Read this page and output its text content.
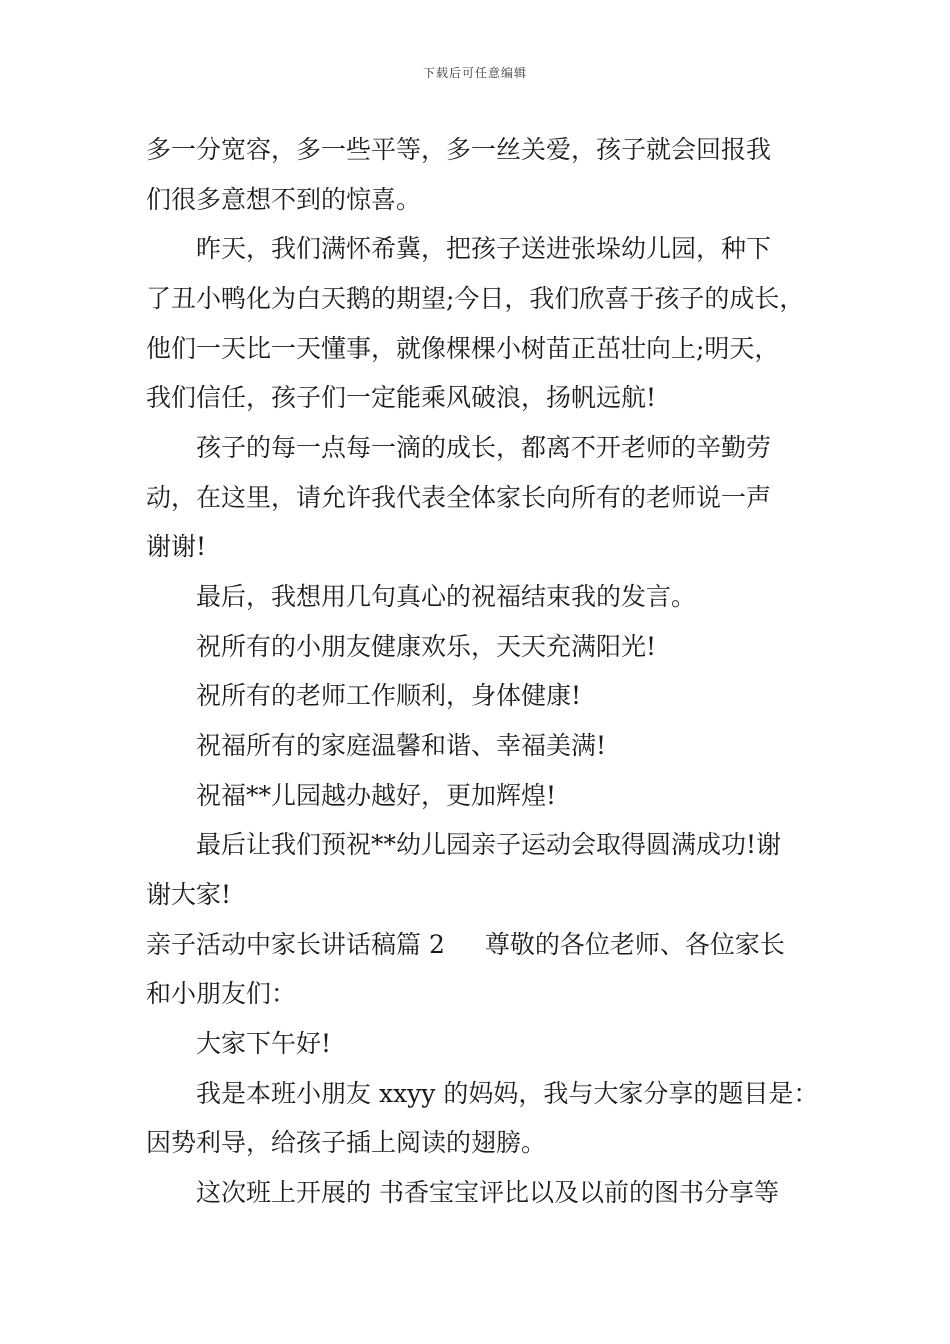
下载后可任意编辑
多一分宽容，多一些平等，多一丝关爱，孩子就会回报我
们很多意想不到的惊喜。
昨天，我们满怀希冀，把孩子送进张垛幼儿园，种下
了丑小鸭化为白天鹅的期望;今日，我们欣喜于孩子的成长，
他们一天比一天懂事，就像棵棵小树苗正茁壮向上;明天，
我们信任，孩子们一定能乘风破浪，扬帆远航!
孩子的每一点每一滴的成长，都离不开老师的辛勤劳
动，在这里，请允许我代表全体家长向所有的老师说一声
谢谢!
最后，我想用几句真心的祝福结束我的发言。
祝所有的小朋友健康欢乐，天天充满阳光!
祝所有的老师工作顺利，身体健康!
祝福所有的家庭温馨和谐、幸福美满!
祝福**儿园越办越好，更加辉煌!
最后让我们预祝**幼儿园亲子运动会取得圆满成功!谢
谢大家!
亲子活动中家长讲话稿篇 2 尊敬的各位老师、各位家长
和小朋友们：
大家下午好!
我是本班小朋友 xxyy 的妈妈，我与大家分享的题目是：
因势利导，给孩子插上阅读的翅膀。
这次班上开展的 书香宝宝评比以及以前的图书分享等
